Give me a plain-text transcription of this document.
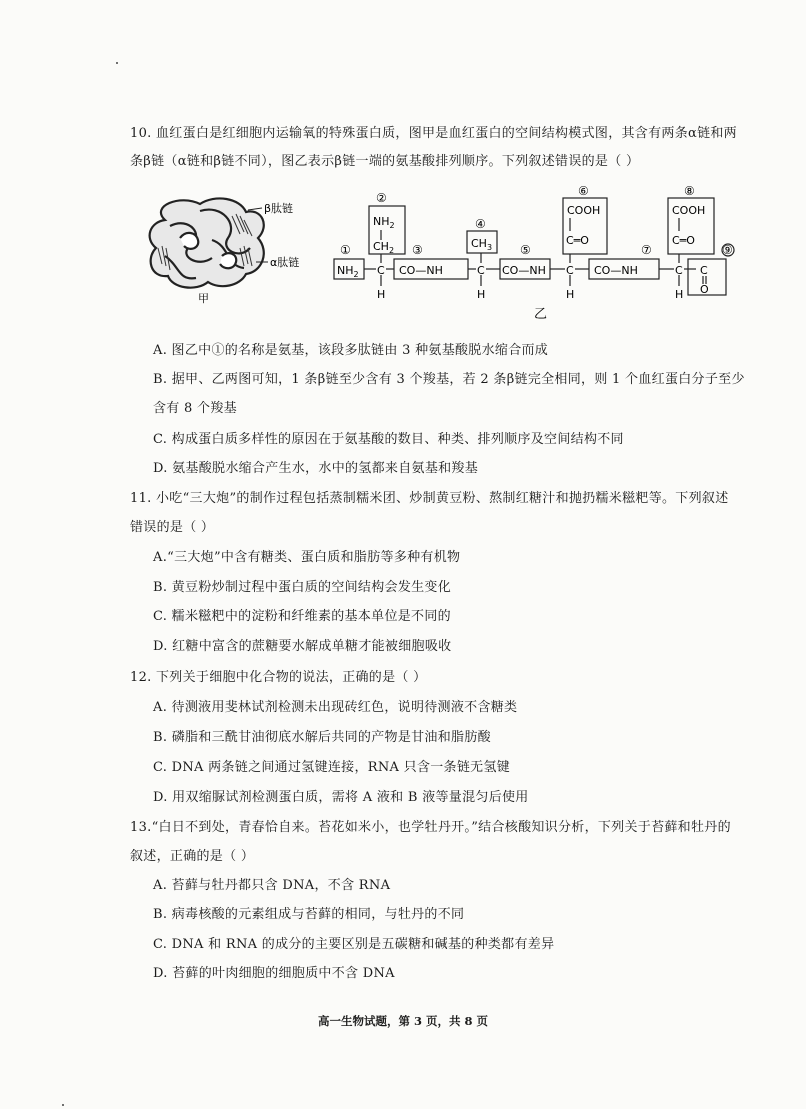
10. 血红蛋白是红细胞内运输氧的特殊蛋白质，图甲是血红蛋白的空间结构模式图，其含有两条α链和两
条β链（α链和β链不同），图乙表示β链一端的氨基酸排列顺序。下列叙述错误的是（ ）
β肽链
α肽链
甲
①
②
③
④
⑤
⑥	⑧
⑦	⑨
$NH_2$ C
H
$NH_2$
$CH_2$
CO—NH
$CH_3$
C
H
CO—NH
COOH
C═O
C
H
CO—NH
COOH
C═O
C
H
C
O
乙
A. 图乙中①的名称是氨基，该段多肽链由 3 种氨基酸脱水缩合而成
B. 据甲、乙两图可知，1 条β链至少含有 3 个羧基，若 2 条β链完全相同，则 1 个血红蛋白分子至少
含有 8 个羧基
C. 构成蛋白质多样性的原因在于氨基酸的数目、种类、排列顺序及空间结构不同
D. 氨基酸脱水缩合产生水，水中的氢都来自氨基和羧基
11. 小吃“三大炮”的制作过程包括蒸制糯米团、炒制黄豆粉、熬制红糖汁和抛扔糯米糍粑等。下列叙述
错误的是（ ）
A.“三大炮”中含有糖类、蛋白质和脂肪等多种有机物
B. 黄豆粉炒制过程中蛋白质的空间结构会发生变化
C. 糯米糍粑中的淀粉和纤维素的基本单位是不同的
D. 红糖中富含的蔗糖要水解成单糖才能被细胞吸收
12. 下列关于细胞中化合物的说法，正确的是（ ）
A. 待测液用斐林试剂检测未出现砖红色，说明待测液不含糖类
B. 磷脂和三酰甘油彻底水解后共同的产物是甘油和脂肪酸
C. DNA 两条链之间通过氢键连接，RNA 只含一条链无氢键
D. 用双缩脲试剂检测蛋白质，需将 A 液和 B 液等量混匀后使用
13.“白日不到处，青春恰自来。苔花如米小，也学牡丹开。”结合核酸知识分析，下列关于苔藓和牡丹的
叙述，正确的是（ ）
A. 苔藓与牡丹都只含 DNA，不含 RNA
B. 病毒核酸的元素组成与苔藓的相同，与牡丹的不同
C. DNA 和 RNA 的成分的主要区别是五碳糖和碱基的种类都有差异
D. 苔藓的叶肉细胞的细胞质中不含 DNA
高一生物试题，第 3 页，共 8 页
